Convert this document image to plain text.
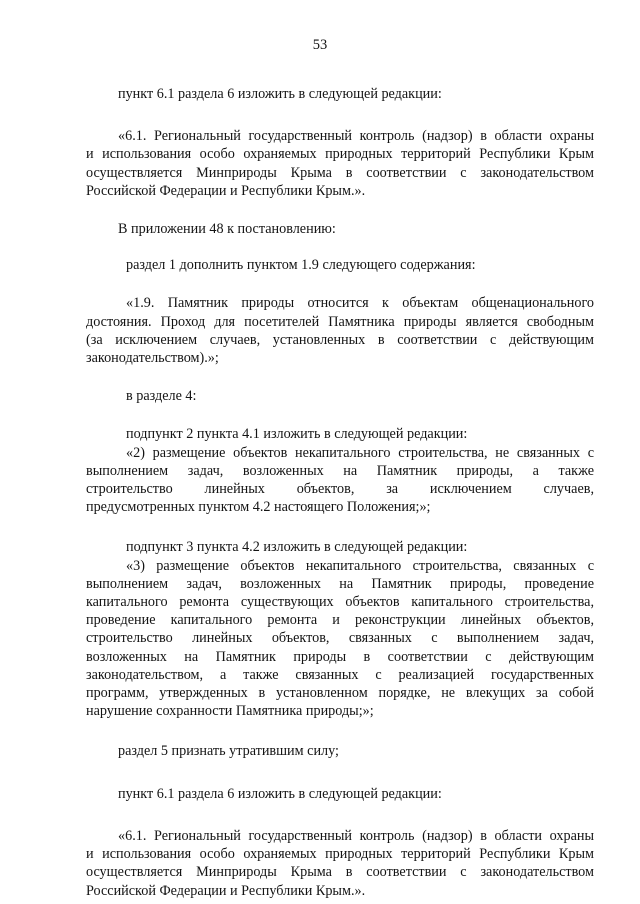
53
пункт 6.1 раздела 6 изложить в следующей редакции:
«6.1. Региональный государственный контроль (надзор) в области охраны
и использования особо охраняемых природных территорий Республики Крым
осуществляется Минприроды Крыма в соответствии с законодательством
Российской Федерации и Республики Крым.».
В приложении 48 к постановлению:
раздел 1 дополнить пунктом 1.9 следующего содержания:
«1.9. Памятник природы относится к объектам общенационального
достояния. Проход для посетителей Памятника природы является свободным
(за исключением случаев, установленных в соответствии с действующим
законодательством).»;
в разделе 4:
подпункт 2 пункта 4.1 изложить в следующей редакции:
«2) размещение объектов некапитального строительства, не связанных с
выполнением задач, возложенных на Памятник природы, а также
строительство линейных объектов, за исключением случаев,
предусмотренных пунктом 4.2 настоящего Положения;»;
подпункт 3 пункта 4.2 изложить в следующей редакции:
«3) размещение объектов некапитального строительства, связанных с
выполнением задач, возложенных на Памятник природы, проведение
капитального ремонта существующих объектов капитального строительства,
проведение капитального ремонта и реконструкции линейных объектов,
строительство линейных объектов, связанных с выполнением задач,
возложенных на Памятник природы в соответствии с действующим
законодательством, а также связанных с реализацией государственных
программ, утвержденных в установленном порядке, не влекущих за собой
нарушение сохранности Памятника природы;»;
раздел 5 признать утратившим силу;
пункт 6.1 раздела 6 изложить в следующей редакции:
«6.1. Региональный государственный контроль (надзор) в области охраны
и использования особо охраняемых природных территорий Республики Крым
осуществляется Минприроды Крыма в соответствии с законодательством
Российской Федерации и Республики Крым.».
